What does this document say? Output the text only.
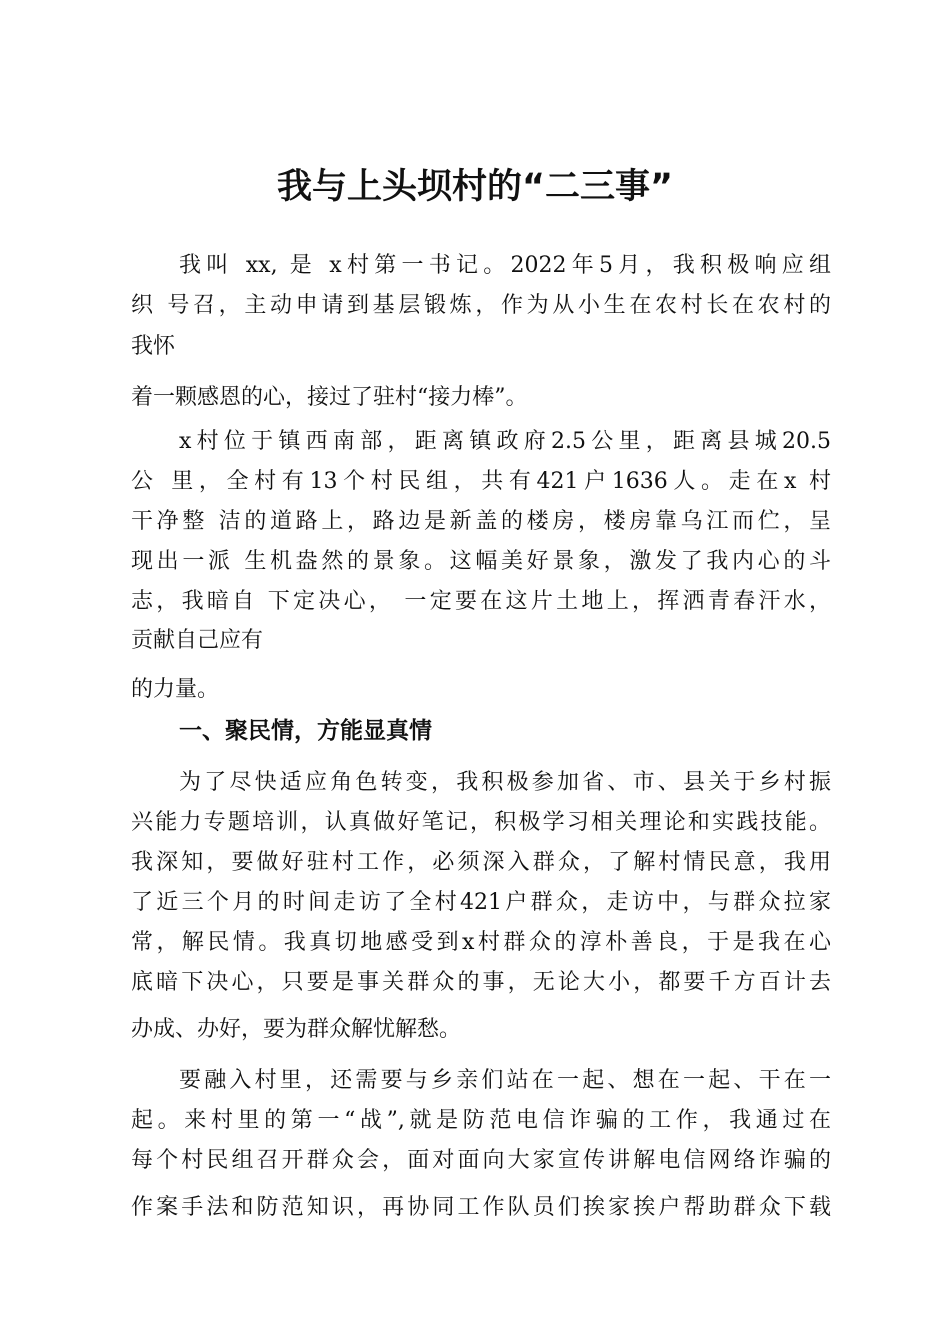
我与上头坝村的“二三事”

我叫 xx, 是 x村第一书记。2022年5月，我积极响应组

织 号召，主动申请到基层锻炼，作为从小生在农村长在农村的

我怀

着一颗感恩的心，接过了驻村“接力棒”。

x村位于镇西南部，距离镇政府2.5公里，距离县城20.5

公 里，全村有13个村民组，共有421户1636人。走在x 村

干净整 洁的道路上，路边是新盖的楼房，楼房靠乌江而伫，呈

现出一派 生机盎然的景象。这幅美好景象，激发了我内心的斗

志，我暗自 下定决心， 一定要在这片土地上，挥洒青春汗水，

贡献自己应有

的力量。

一、聚民情，方能显真情

为了尽快适应角色转变，我积极参加省、市、县关于乡村振

兴能力专题培训，认真做好笔记，积极学习相关理论和实践技能。

我深知，要做好驻村工作，必须深入群众，了解村情民意，我用

了近三个月的时间走访了全村421户群众，走访中，与群众拉家

常，解民情。我真切地感受到x村群众的淳朴善良，于是我在心

底暗下决心，只要是事关群众的事，无论大小，都要千方百计去

办成、办好，要为群众解忧解愁。

要融入村里，还需要与乡亲们站在一起、想在一起、干在一

起。来村里的第一“战”,就是防范电信诈骗的工作，我通过在

每个村民组召开群众会，面对面向大家宣传讲解电信网络诈骗的

作案手法和防范知识，再协同工作队员们挨家挨户帮助群众下载
